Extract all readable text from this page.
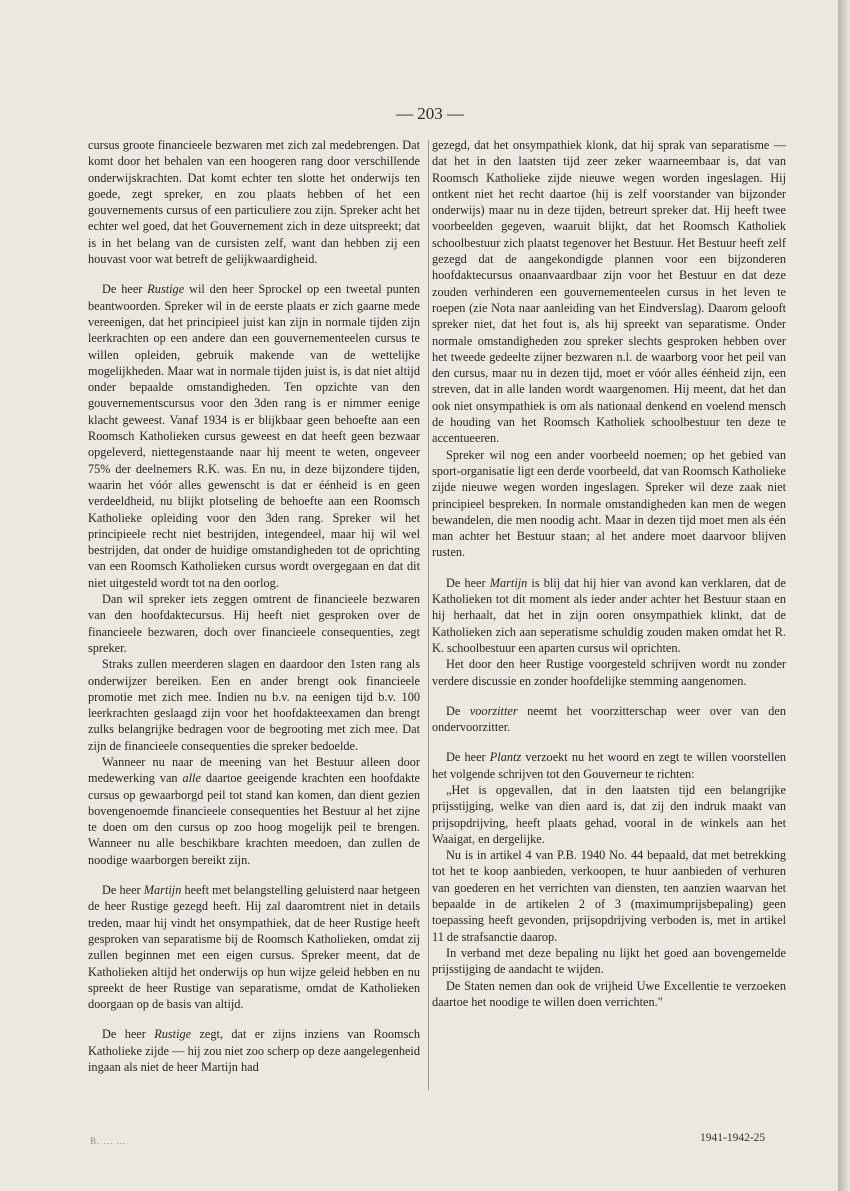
— 203 —

cursus groote financieele bezwaren met zich zal medebrengen. Dat komt door het behalen van een hoogeren rang door verschillende onderwijskrachten. Dat komt echter ten slotte het onderwijs ten goede, zegt spreker, en zou plaats hebben of het een gouvernements cursus of een particuliere zou zijn. Spreker acht het echter wel goed, dat het Gouvernement zich in deze uitspreekt; dat is in het belang van de cursisten zelf, want dan hebben zij een houvast voor wat betreft de gelijkwaardigheid.

De heer Rustige wil den heer Sprockel op een tweetal punten beantwoorden. Spreker wil in de eerste plaats er zich gaarne mede vereenigen, dat het principieel juist kan zijn in normale tijden zijn leerkrachten op een andere dan een gouvernementeelen cursus te willen opleiden, gebruik makende van de wettelijke mogelijkheden. Maar wat in normale tijden juist is, is dat niet altijd onder bepaalde omstandigheden. Ten opzichte van den gouvernementscursus voor den 3den rang is er nimmer eenige klacht geweest. Vanaf 1934 is er blijkbaar geen behoefte aan een Roomsch Katholieken cursus geweest en dat heeft geen bezwaar opgeleverd, niettegenstaande naar hij meent te weten, ongeveer 75% der deelnemers R.K. was. En nu, in deze bijzondere tijden, waarin het vóór alles gewenscht is dat er éénheid is en geen verdeeldheid, nu blijkt plotseling de behoefte aan een Roomsch Katholieke opleiding voor den 3den rang. Spreker wil het principieele recht niet bestrijden, integendeel, maar hij wil wel bestrijden, dat onder de huidige omstandigheden tot de oprichting van een Roomsch Katholieken cursus wordt overgegaan en dat dit niet uitgesteld wordt tot na den oorlog.

Dan wil spreker iets zeggen omtrent de financieele bezwaren van den hoofdaktecursus. Hij heeft niet gesproken over de financieele bezwaren, doch over financieele consequenties, zegt spreker.

Straks zullen meerderen slagen en daardoor den 1sten rang als onderwijzer bereiken. Een en ander brengt ook financieele promotie met zich mee. Indien nu b.v. na eenigen tijd b.v. 100 leerkrachten geslaagd zijn voor het hoofdakteexamen dan brengt zulks belangrijke bedragen voor de begrooting met zich mee. Dat zijn de financieele consequenties die spreker bedoelde.

Wanneer nu naar de meening van het Bestuur alleen door medewerking van alle daartoe geeigende krachten een hoofdakte cursus op gewaarborgd peil tot stand kan komen, dan dient gezien bovengenoemde financieele consequenties het Bestuur al het zijne te doen om den cursus op zoo hoog mogelijk peil te brengen. Wanneer nu alle beschikbare krachten meedoen, dan zullen de noodige waarborgen bereikt zijn.

De heer Martijn heeft met belangstelling geluisterd naar hetgeen de heer Rustige gezegd heeft. Hij zal daaromtrent niet in details treden, maar hij vindt het onsympathiek, dat de heer Rustige heeft gesproken van separatisme bij de Roomsch Katholieken, omdat zij zullen beginnen met een eigen cursus. Spreker meent, dat de Katholieken altijd het onderwijs op hun wijze geleid hebben en nu spreekt de heer Rustige van separatisme, omdat de Katholieken doorgaan op de basis van altijd.

De heer Rustige zegt, dat er zijns inziens van Roomsch Katholieke zijde — hij zou niet zoo scherp op deze aangelegenheid ingaan als niet de heer Martijn had

gezegd, dat het onsympathiek klonk, dat hij sprak van separatisme — dat het in den laatsten tijd zeer zeker waarneembaar is, dat van Roomsch Katholieke zijde nieuwe wegen worden ingeslagen. Hij ontkent niet het recht daartoe (hij is zelf voorstander van bijzonder onderwijs) maar nu in deze tijden, betreurt spreker dat. Hij heeft twee voorbeelden gegeven, waaruit blijkt, dat het Roomsch Katholiek schoolbestuur zich plaatst tegenover het Bestuur. Het Bestuur heeft zelf gezegd dat de aangekondigde plannen voor een bijzonderen hoofdaktecursus onaanvaardbaar zijn voor het Bestuur en dat deze zouden verhinderen een gouvernementeelen cursus in het leven te roepen (zie Nota naar aanleiding van het Eindverslag). Daarom gelooft spreker niet, dat het fout is, als hij spreekt van separatisme. Onder normale omstandigheden zou spreker slechts gesproken hebben over het tweede gedeelte zijner bezwaren n.l. de waarborg voor het peil van den cursus, maar nu in dezen tijd, moet er vóór alles éénheid zijn, een streven, dat in alle landen wordt waargenomen. Hij meent, dat het dan ook niet onsympathiek is om als nationaal denkend en voelend mensch de houding van het Roomsch Katholiek schoolbestuur ten deze te accentueeren.

Spreker wil nog een ander voorbeeld noemen; op het gebied van sport-organisatie ligt een derde voorbeeld, dat van Roomsch Katholieke zijde nieuwe wegen worden ingeslagen. Spreker wil deze zaak niet principieel bespreken. In normale omstandigheden kan men de wegen bewandelen, die men noodig acht. Maar in dezen tijd moet men als één man achter het Bestuur staan; al het andere moet daarvoor blijven rusten.

De heer Martijn is blij dat hij hier van avond kan verklaren, dat de Katholieken tot dit moment als ieder ander achter het Bestuur staan en hij herhaalt, dat het in zijn ooren onsympathiek klinkt, dat de Katholieken zich aan seperatisme schuldig zouden maken omdat het R. K. schoolbestuur een aparten cursus wil oprichten.

Het door den heer Rustige voorgesteld schrijven wordt nu zonder verdere discussie en zonder hoofdelijke stemming aangenomen.

De voorzitter neemt het voorzitterschap weer over van den ondervoorzitter.

De heer Plantz verzoekt nu het woord en zegt te willen voorstellen het volgende schrijven tot den Gouverneur te richten:

„Het is opgevallen, dat in den laatsten tijd een belangrijke prijsstijging, welke van dien aard is, dat zij den indruk maakt van prijsopdrijving, heeft plaats gehad, vooral in de winkels aan het Waaigat, en dergelijke.

Nu is in artikel 4 van P.B. 1940 No. 44 bepaald, dat met betrekking tot het te koop aanbieden, verkoopen, te huur aanbieden of verhuren van goederen en het verrichten van diensten, ten aanzien waarvan het bepaalde in de artikelen 2 of 3 (maximumprijsbepaling) geen toepassing heeft gevonden, prijsopdrijving verboden is, met in artikel 11 de strafsanctie daarop.

In verband met deze bepaling nu lijkt het goed aan bovengemelde prijsstijging de aandacht te wijden.

De Staten nemen dan ook de vrijheid Uwe Excellentie te verzoeken daartoe het noodige te willen doen verrichten."

B. ... ...	1941-1942-25
